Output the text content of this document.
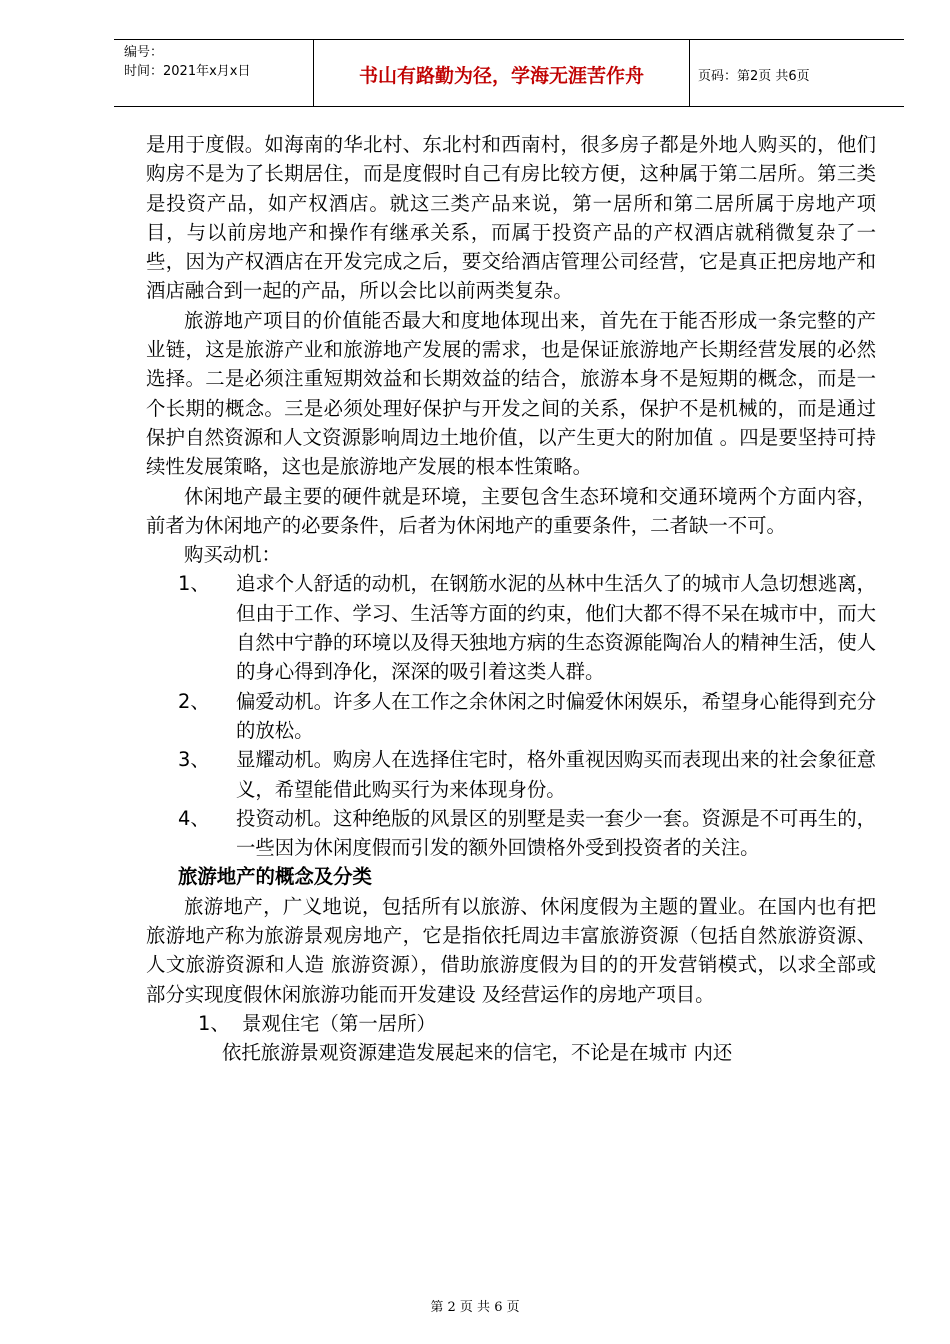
编号：
时间：2021年x月x日	书山有路勤为径，学海无涯苦作舟	页码：第2页 共6页

是用于度假。如海南的华北村、东北村和西南村，很多房子都是外地人购买的，他们购房不是为了长期居住，而是度假时自己有房比较方便，这种属于第二居所。第三类是投资产品，如产权酒店。就这三类产品来说，第一居所和第二居所属于房地产项目，与以前房地产和操作有继承关系，而属于投资产品的产权酒店就稍微复杂了一些，因为产权酒店在开发完成之后，要交给酒店管理公司经营，它是真正把房地产和酒店融合到一起的产品，所以会比以前两类复杂。

旅游地产项目的价值能否最大和度地体现出来，首先在于能否形成一条完整的产业链，这是旅游产业和旅游地产发展的需求，也是保证旅游地产长期经营发展的必然选择。二是必须注重短期效益和长期效益的结合，旅游本身不是短期的概念，而是一个长期的概念。三是必须处理好保护与开发之间的关系，保护不是机械的，而是通过保护自然资源和人文资源影响周边土地价值，以产生更大的附加值 。四是要坚持可持续性发展策略，这也是旅游地产发展的根本性策略。

休闲地产最主要的硬件就是环境，主要包含生态环境和交通环境两个方面内容，前者为休闲地产的必要条件，后者为休闲地产的重要条件，二者缺一不可。

购买动机：

1、	追求个人舒适的动机，在钢筋水泥的丛林中生活久了的城市人急切想逃离，但由于工作、学习、生活等方面的约束，他们大都不得不呆在城市中，而大自然中宁静的环境以及得天独地方病的生态资源能陶冶人的精神生活，使人的身心得到净化，深深的吸引着这类人群。
2、	偏爱动机。许多人在工作之余休闲之时偏爱休闲娱乐，希望身心能得到充分的放松。
3、	显耀动机。购房人在选择住宅时，格外重视因购买而表现出来的社会象征意义，希望能借此购买行为来体现身份。
4、	投资动机。这种绝版的风景区的别墅是卖一套少一套。资源是不可再生的，一些因为休闲度假而引发的额外回馈格外受到投资者的关注。

旅游地产的概念及分类

旅游地产，广义地说，包括所有以旅游、休闲度假为主题的置业。在国内也有把旅游地产称为旅游景观房地产，它是指依托周边丰富旅游资源（包括自然旅游资源、人文旅游资源和人造 旅游资源），借助旅游度假为目的的开发营销模式，以求全部或部分实现度假休闲旅游功能而开发建设 及经营运作的房地产项目。

1、 景观住宅（第一居所）

依托旅游景观资源建造发展起来的信宅，不论是在城市 内还

第 2 页 共 6 页
